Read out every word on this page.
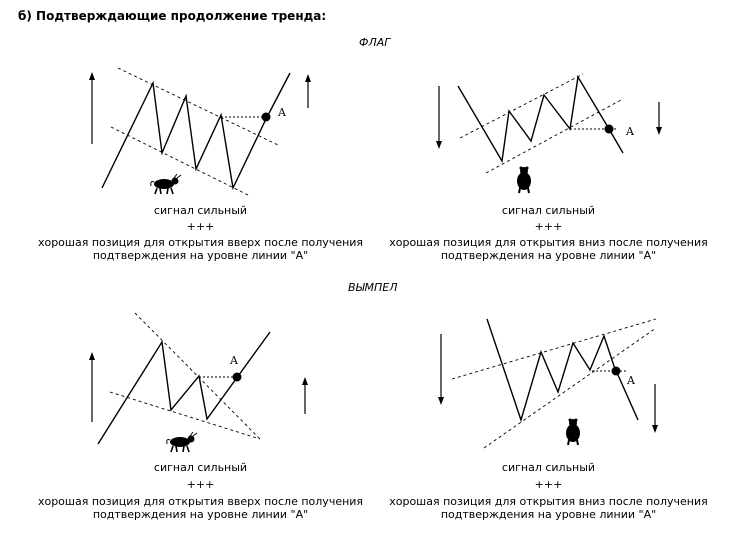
б) Подтверждающие продолжение тренда:
ФЛАГ
ВЫМПЕЛ
A
сигнал сильный
+++
хорошая позиция для открытия вверх после получения
подтверждения на уровне линии "А"
A
сигнал сильный
+++
хорошая позиция для открытия вниз после получения
подтверждения на уровне линии "А"
A
сигнал сильный
+++
хорошая позиция для открытия вверх после получения
подтверждения на уровне линии "А"
A
сигнал сильный
+++
хорошая позиция для открытия вниз после получения
подтверждения на уровне линии "А"
